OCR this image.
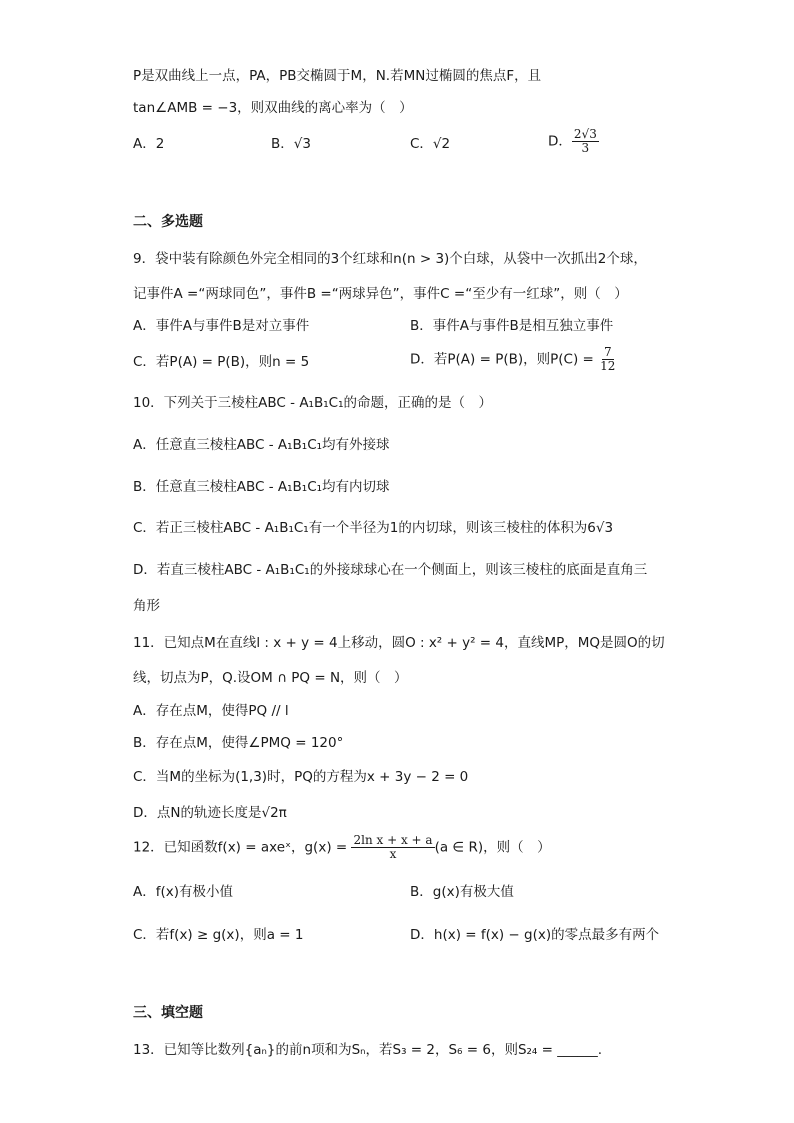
P是双曲线上一点，PA，PB交椭圆于M，N.若MN过椭圆的焦点F，且
tan∠AMB = −3，则双曲线的离心率为（　）
A．2	B．√3	C．√2	D． $\frac{2√3}{3}$
二、多选题
9．袋中装有除颜色外完全相同的3个红球和n(n > 3)个白球，从袋中一次抓出2个球，
记事件A =“两球同色”，事件B =“两球异色”，事件C =“至少有一红球”，则（　）
A．事件A与事件B是对立事件	B．事件A与事件B是相互独立事件
C．若P(A) = P(B)，则n = 5	D．若P(A) = P(B)，则$P(C) = \frac{7}{12}$
10．下列关于三棱柱ABC - A₁B₁C₁的命题，正确的是（　）
A．任意直三棱柱ABC - A₁B₁C₁均有外接球
B．任意直三棱柱ABC - A₁B₁C₁均有内切球
C．若正三棱柱ABC - A₁B₁C₁有一个半径为1的内切球，则该三棱柱的体积为6√3
D．若直三棱柱ABC - A₁B₁C₁的外接球球心在一个侧面上，则该三棱柱的底面是直角三
角形
11．已知点M在直线l : x + y = 4上移动，圆O : x² + y² = 4，直线MP，MQ是圆O的切
线，切点为P，Q.设OM ∩ PQ = N，则（　）
A．存在点M，使得PQ // l
B．存在点M，使得∠PMQ = 120°
C．当M的坐标为(1,3)时，PQ的方程为x + 3y − 2 = 0
D．点N的轨迹长度是√2π
12．已知函数f(x) = axeˣ，$g(x) = \frac{\text{2ln x + x + a}}{x} (a$ ∈ R)，则（　）
A．f(x)有极小值	B．g(x)有极大值
C．若f(x) ≥ g(x)，则a = 1	D．h(x) = f(x) − g(x)的零点最多有两个
三、填空题
13．已知等比数列{aₙ}的前n项和为Sₙ，若S₃ = 2，S₆ = 6，则S₂₄ = ______.
